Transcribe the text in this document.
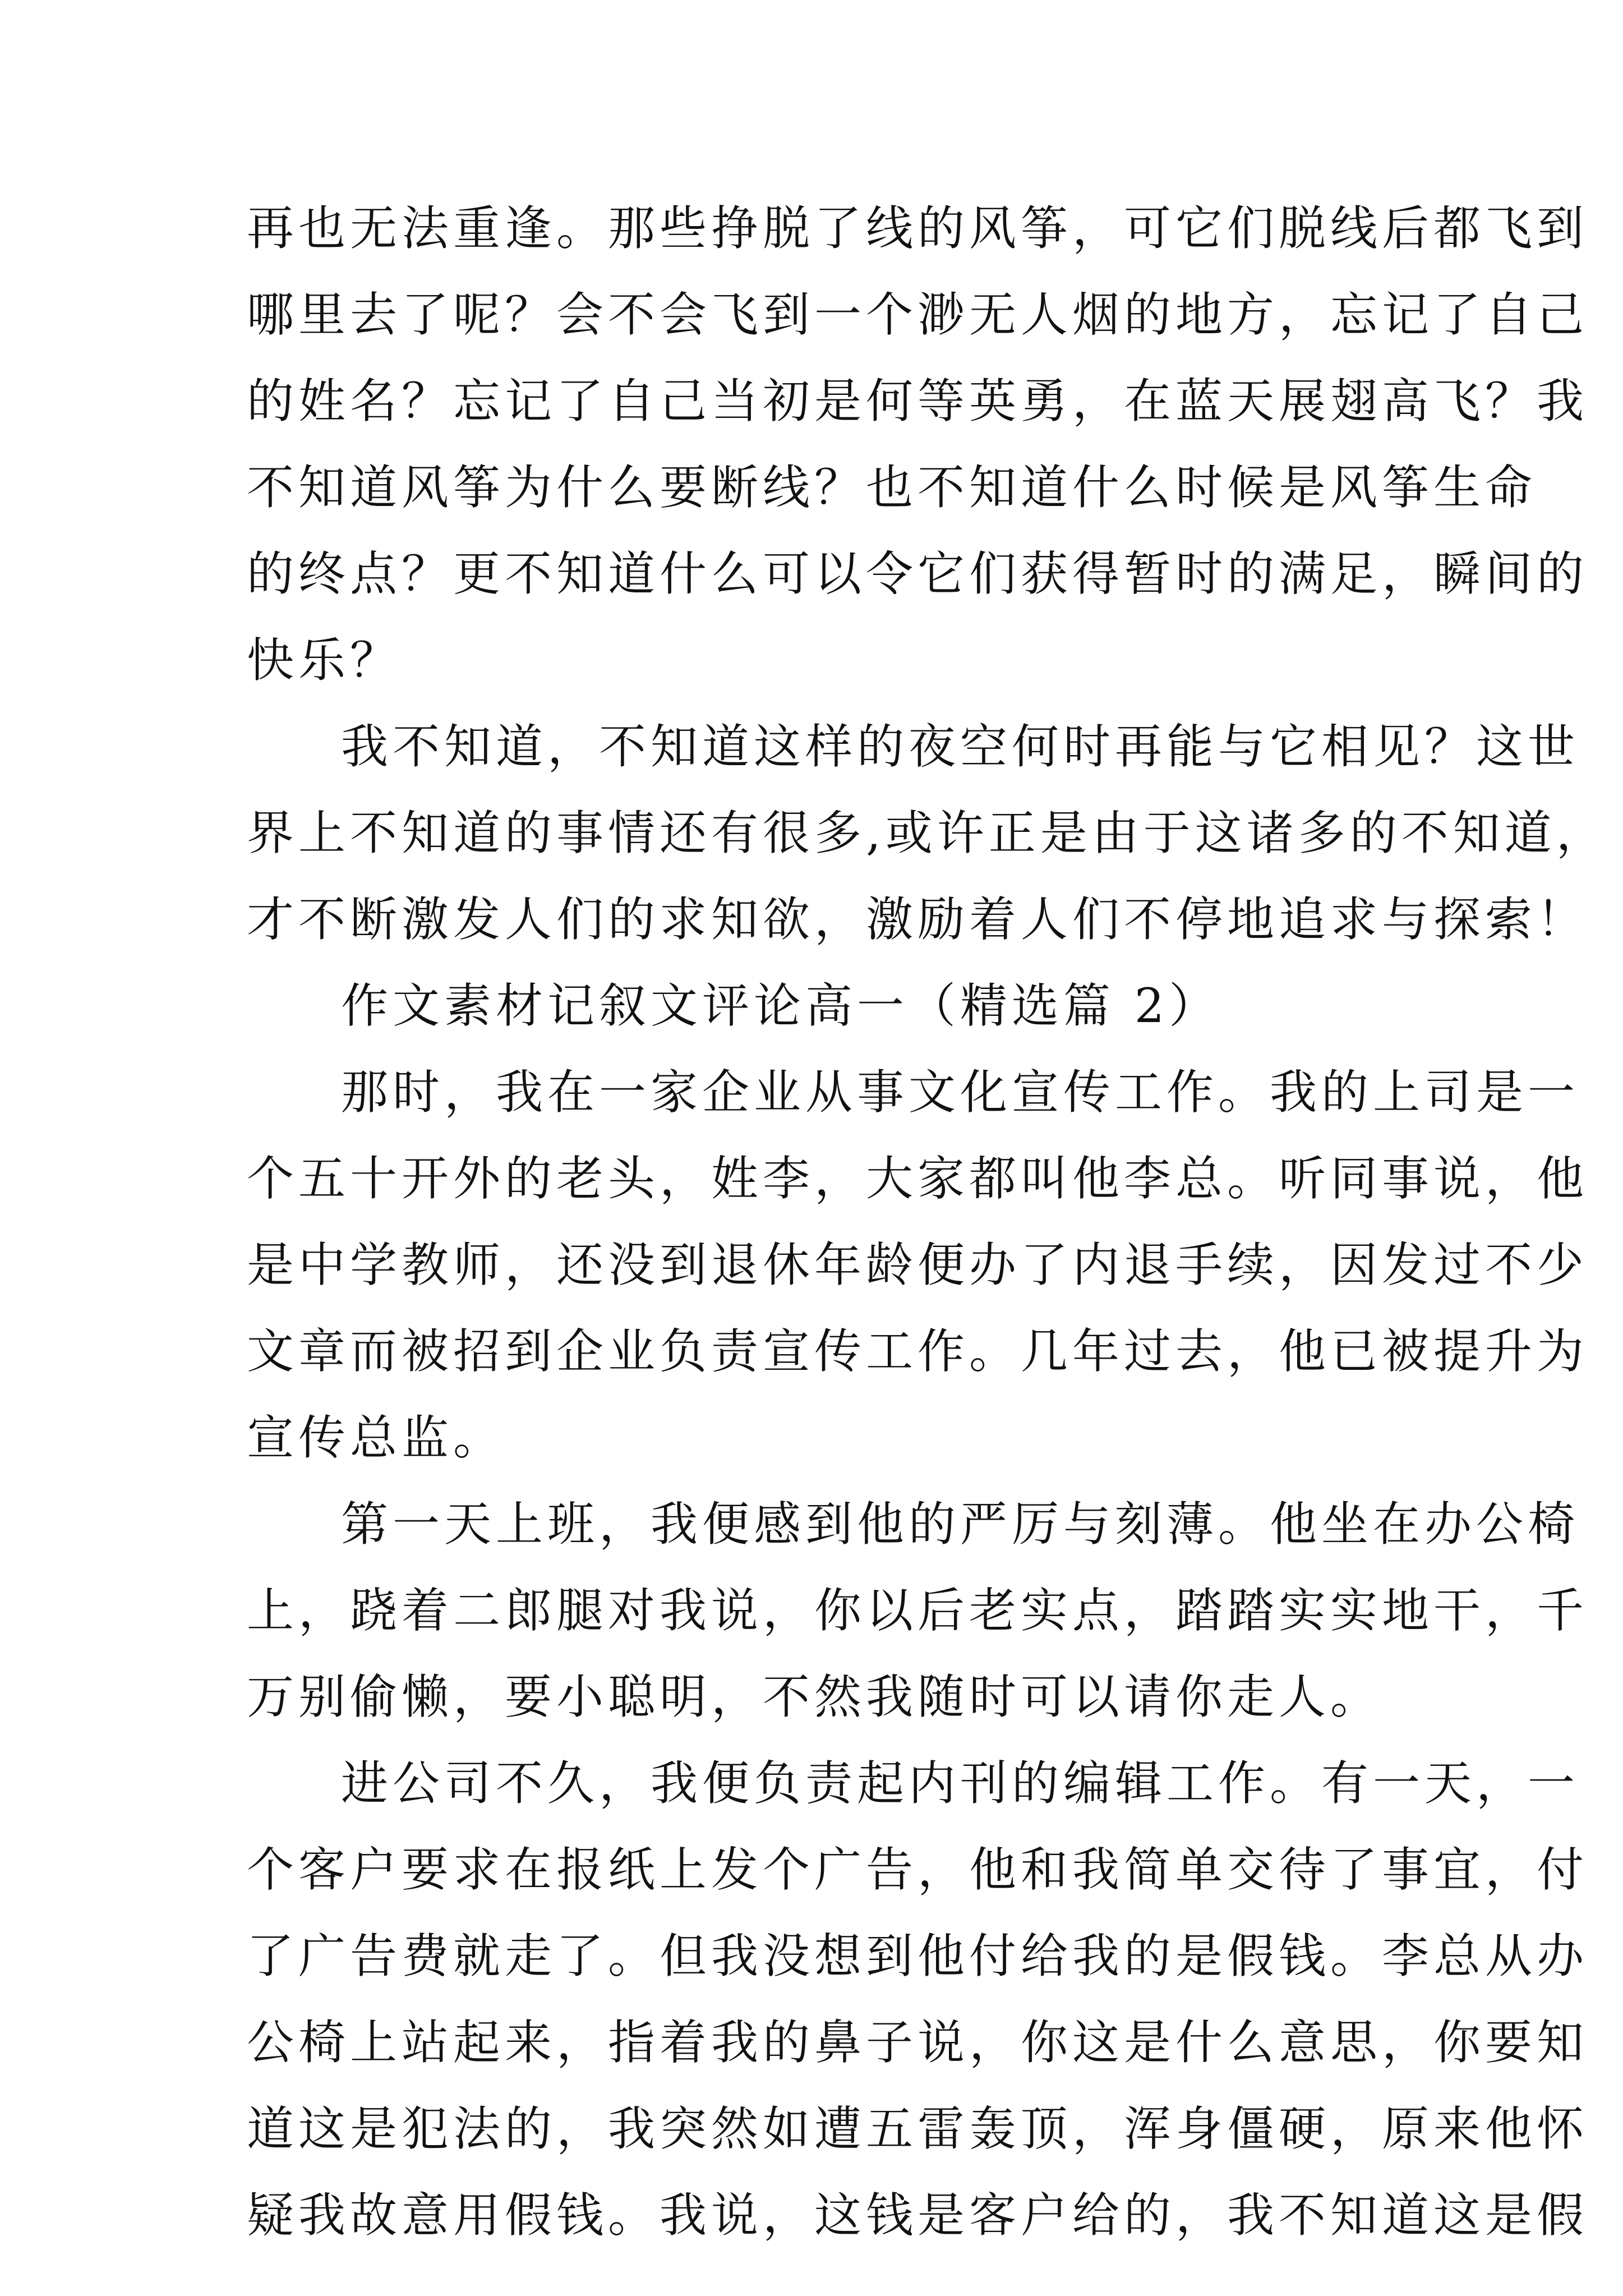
再也无法重逢。那些挣脱了线的风筝，可它们脱线后都飞到
哪里去了呢？会不会飞到一个渺无人烟的地方，忘记了自己
的姓名？忘记了自己当初是何等英勇，在蓝天展翅高飞？我
不知道风筝为什么要断线？也不知道什么时候是风筝生命
的终点？更不知道什么可以令它们获得暂时的满足，瞬间的
快乐？
我不知道，不知道这样的夜空何时再能与它相见？这世
界上不知道的事情还有很多,或许正是由于这诸多的不知道，
才不断激发人们的求知欲，激励着人们不停地追求与探索！
作文素材记叙文评论高一（精选篇 2）
那时，我在一家企业从事文化宣传工作。我的上司是一
个五十开外的老头，姓李，大家都叫他李总。听同事说，他
是中学教师，还没到退休年龄便办了内退手续，因发过不少
文章而被招到企业负责宣传工作。几年过去，他已被提升为
宣传总监。
第一天上班，我便感到他的严厉与刻薄。他坐在办公椅
上，跷着二郎腿对我说，你以后老实点，踏踏实实地干，千
万别偷懒，要小聪明，不然我随时可以请你走人。
进公司不久，我便负责起内刊的编辑工作。有一天，一
个客户要求在报纸上发个广告，他和我简单交待了事宜，付
了广告费就走了。但我没想到他付给我的是假钱。李总从办
公椅上站起来，指着我的鼻子说，你这是什么意思，你要知
道这是犯法的，我突然如遭五雷轰顶，浑身僵硬，原来他怀
疑我故意用假钱。我说，这钱是客户给的，我不知道这是假
